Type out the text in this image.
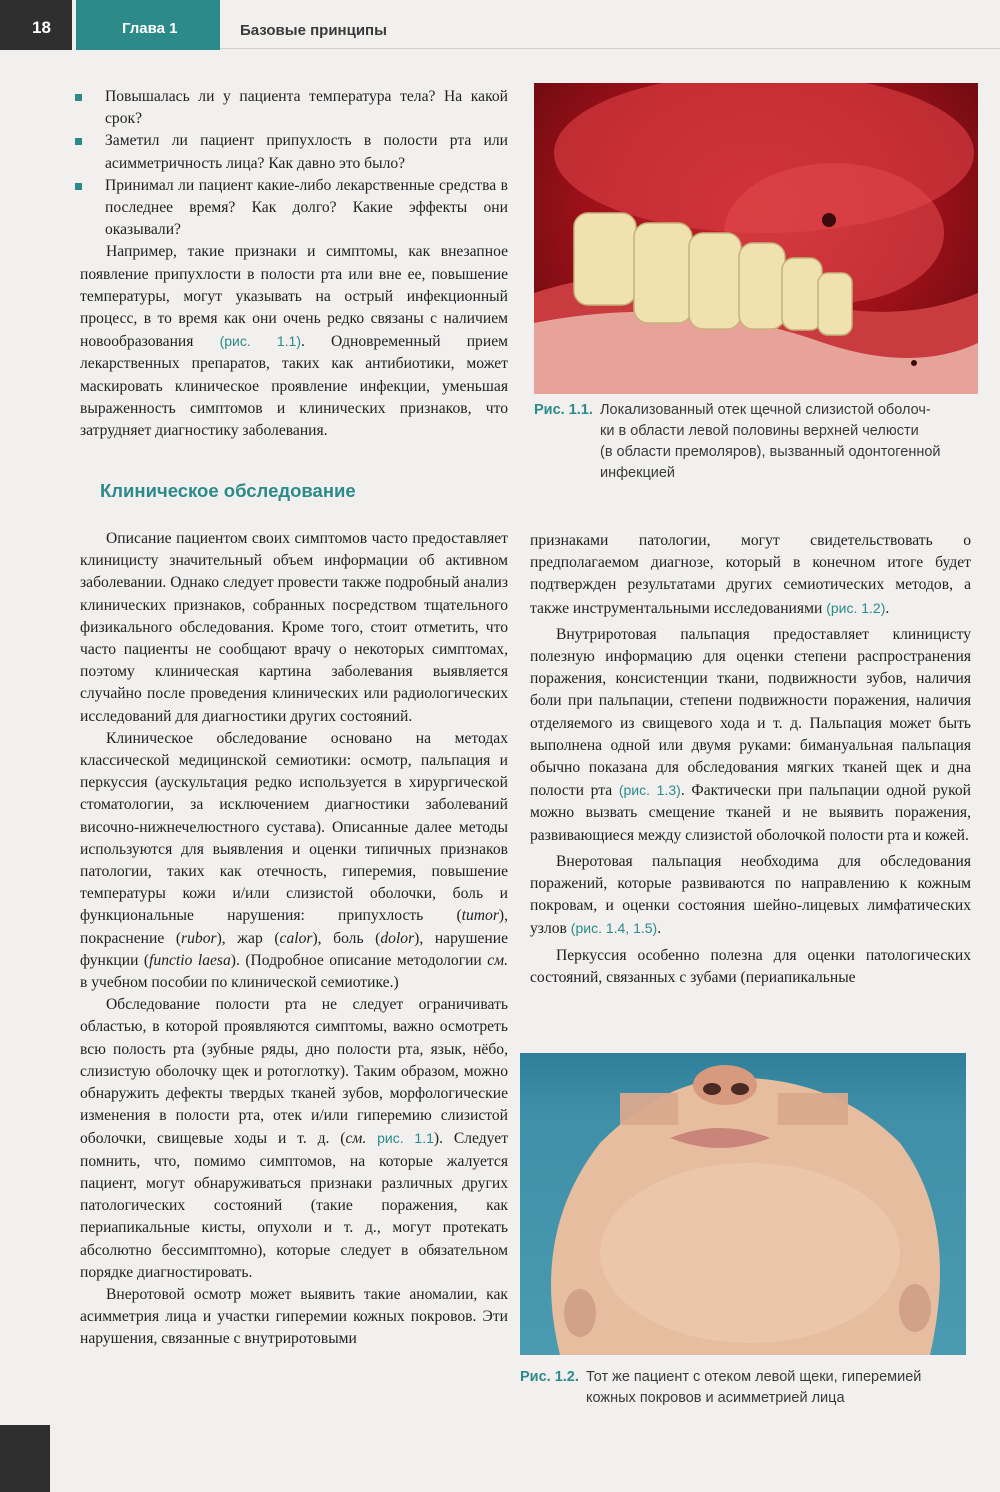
18	Глава 1	Базовые принципы
Повышалась ли у пациента температура тела? На какой срок?
Заметил ли пациент припухлость в полости рта или асимметричность лица? Как давно это было?
Принимал ли пациент какие-либо лекарственные средства в последнее время? Как долго? Какие эффекты они оказывали?

Например, такие признаки и симптомы, как внезапное появление припухлости в полости рта или вне ее, повышение температуры, могут указывать на острый инфекционный процесс, в то время как они очень редко связаны с наличием новообразования (рис. 1.1). Одновременный прием лекарственных препаратов, таких как антибиотики, может маскировать клиническое проявление инфекции, уменьшая выраженность симптомов и клинических признаков, что затрудняет диагностику заболевания.

Клиническое обследование

Описание пациентом своих симптомов часто предоставляет клиницисту значительный объем информации об активном заболевании. Однако следует провести также подробный анализ клинических признаков, собранных посредством тщательного физикального обследования. Кроме того, стоит отметить, что часто пациенты не сообщают врачу о некоторых симптомах, поэтому клиническая картина заболевания выявляется случайно после проведения клинических или радиологических исследований для диагностики других состояний.

Клиническое обследование основано на методах классической медицинской семиотики: осмотр, пальпация и перкуссия (аускультация редко используется в хирургической стоматологии, за исключением диагностики заболеваний височно-нижнечелюстного сустава). Описанные далее методы используются для выявления и оценки типичных признаков патологии, таких как отечность, гиперемия, повышение температуры кожи и/или слизистой оболочки, боль и функциональные нарушения: припухлость (tumor), покраснение (rubor), жар (calor), боль (dolor), нарушение функции (functio laesa). (Подробное описание методологии см. в учебном пособии по клинической семиотике.)

Обследование полости рта не следует ограничивать областью, в которой проявляются симптомы, важно осмотреть всю полость рта (зубные ряды, дно полости рта, язык, нёбо, слизистую оболочку щек и ротоглотку). Таким образом, можно обнаружить дефекты твердых тканей зубов, морфологические изменения в полости рта, отек и/или гиперемию слизистой оболочки, свищевые ходы и т. д. (см. рис. 1.1). Следует помнить, что, помимо симптомов, на которые жалуется пациент, могут обнаруживаться признаки различных других патологических состояний (такие поражения, как периапикальные кисты, опухоли и т. д., могут протекать абсолютно бессимптомно), которые следует в обязательном порядке диагностировать.

Внеротовой осмотр может выявить такие аномалии, как асимметрия лица и участки гиперемии кожных покровов. Эти нарушения, связанные с внутриротовыми

Рис. 1.1. Локализованный отек щечной слизистой оболоч-
ки в области левой половины верхней челюсти
(в области премоляров), вызванный одонтогенной
инфекцией

признаками патологии, могут свидетельствовать о предполагаемом диагнозе, который в конечном итоге будет подтвержден результатами других семиотических методов, а также инструментальными исследованиями (рис. 1.2).

Внутриротовая пальпация предоставляет клиницисту полезную информацию для оценки степени распространения поражения, консистенции ткани, подвижности зубов, наличия боли при пальпации, степени подвижности поражения, наличия отделяемого из свищевого хода и т. д. Пальпация может быть выполнена одной или двумя руками: бимануальная пальпация обычно показана для обследования мягких тканей щек и дна полости рта (рис. 1.3). Фактически при пальпации одной рукой можно вызвать смещение тканей и не выявить поражения, развивающиеся между слизистой оболочкой полости рта и кожей.

Внеротовая пальпация необходима для обследования поражений, которые развиваются по направлению к кожным покровам, и оценки состояния шейно-лицевых лимфатических узлов (рис. 1.4, 1.5).

Перкуссия особенно полезна для оценки патологических состояний, связанных с зубами (периапикальные

Рис. 1.2. Тот же пациент с отеком левой щеки, гиперемией
кожных покровов и асимметрией лица
